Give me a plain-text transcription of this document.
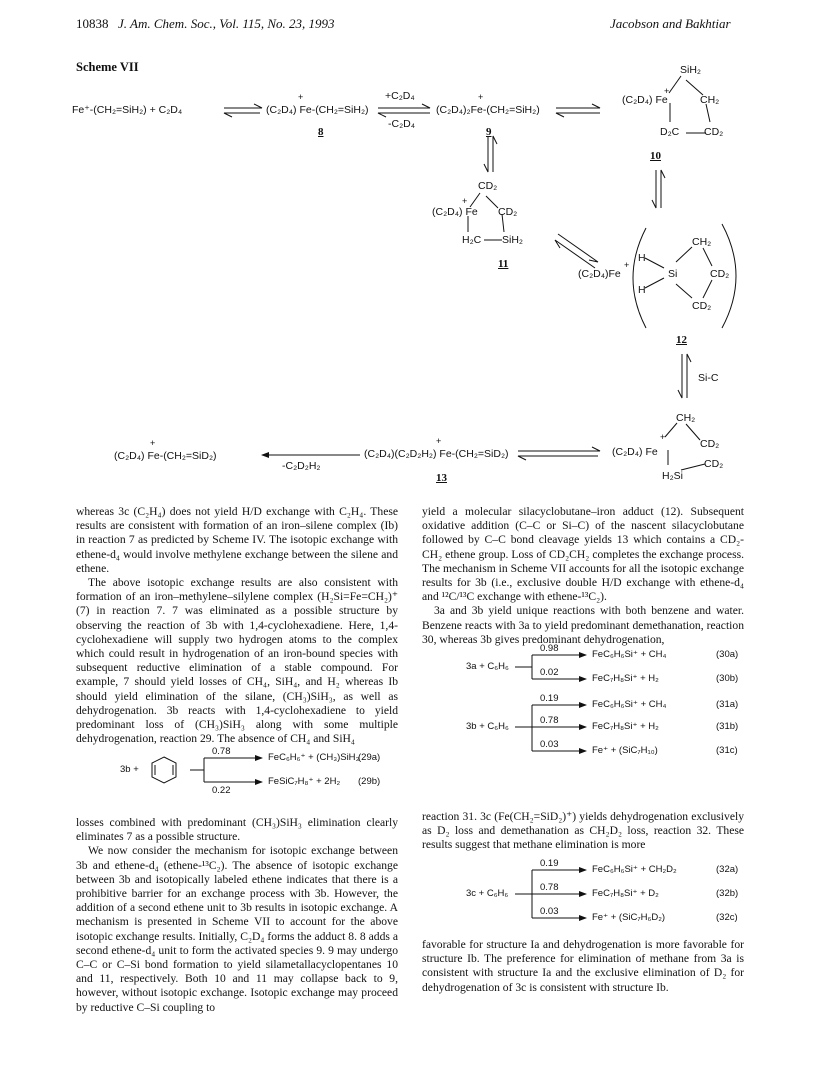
10838 J. Am. Chem. Soc., Vol. 115, No. 23, 1993	Jacobson and Bakhtiar
Scheme VII
Fe⁺-(CH₂=SiH₂) + C₂D₄
+
(C₂D₄) Fe-(CH₂=SiH₂)
8
+C₂D₄
-C₂D₄
+
(C₂D₄)₂Fe-(CH₂=SiH₂)
9
SiH₂
+
(C₂D₄) Fe	CH₂
D₂C CD₂
10
CD₂
+
(C₂D₄) Fe CD₂
H₂C SiH₂
11	+
(C₂D₄)Fe
H
H
Si
CH₂
CD₂
CD₂
12
Si-C
CH₂
+
(C₂D₄) Fe
CD₂
H₂Si
CD₂
+
(C₂D₄)(C₂D₂H₂) Fe-(CH₂=SiD₂)
13
-C₂D₂H₂
+
(C₂D₄) Fe-(CH₂=SiD₂)

whereas 3c (C₂H₄) does not yield H/D exchange with C₂H₄. These results are consistent with formation of an iron–silene complex (Ib) in reaction 7 as predicted by Scheme IV. The isotopic exchange with ethene-d₄ would involve methylene exchange between the silene and ethene.

The above isotopic exchange results are also consistent with formation of an iron–methylene–silylene complex (H₂Si=Fe=CH₂)⁺ (7) in reaction 7. 7 was eliminated as a possible structure by observing the reaction of 3b with 1,4-cyclohexadiene. Here, 1,4-cyclohexadiene will supply two hydrogen atoms to the complex which could result in hydrogenation of an iron-bound species with subsequent reductive elimination of a stable compound. For example, 7 should yield losses of CH₄, SiH₄, and H₂ whereas Ib should yield elimination of the silane, (CH₃)SiH₃, as well as dehydrogenation. 3b reacts with 1,4-cyclohexadiene to yield predominant loss of (CH₃)SiH₃ along with some multiple dehydrogenation, reaction 29. The absence of CH₄ and SiH₄

3b +
0.78
FeC₆H₆⁺ + (CH₃)SiH₃
(29a)
0.22
FeSiC₇H₈⁺ + 2H₂ (29b)

losses combined with predominant (CH₃)SiH₃ elimination clearly eliminates 7 as a possible structure.

We now consider the mechanism for isotopic exchange between 3b and ethene-d₄ (ethene-¹³C₂). The absence of isotopic exchange between 3b and isotopically labeled ethene indicates that there is a prohibitive barrier for an exchange process with 3b. However, the addition of a second ethene unit to 3b results in isotopic exchange. A mechanism is presented in Scheme VII to account for the above isotopic exchange results. Initially, C₂D₄ forms the adduct 8. 8 adds a second ethene-d₄ unit to form the activated species 9. 9 may undergo C–C or C–Si bond formation to yield silametallacyclopentanes 10 and 11, respectively. Both 10 and 11 may collapse back to 9, however, without isotopic exchange. Isotopic exchange may proceed by reductive C–Si coupling to

yield a molecular silacyclobutane–iron adduct (12). Subsequent oxidative addition (C–C or Si–C) of the nascent silacyclobutane followed by C–C bond cleavage yields 13 which contains a CD₂-CH₂ ethene group. Loss of CD₂CH₂ completes the exchange process. The mechanism in Scheme VII accounts for all the isotopic exchange results for 3b (i.e., exclusive double H/D exchange with ethene-d₄ and ¹²C/¹³C exchange with ethene-¹³C₂).

3a and 3b yield unique reactions with both benzene and water. Benzene reacts with 3a to yield predominant demethanation, reaction 30, whereas 3b gives predominant dehydrogenation,

3a + C₆H₆
0.98
FeC₆H₆Si⁺ + CH₄	(30a)
0.02
FeC₇H₈Si⁺ + H₂	(30b)
3b + C₆H₆
0.19
FeC₆H₆Si⁺ + CH₄	(31a)
0.78
FeC₇H₈Si⁺ + H₂	(31b)
0.03
Fe⁺ + (SiC₇H₁₀)	(31c)

reaction 31. 3c (Fe(CH₂=SiD₂)⁺) yields dehydrogenation exclusively as D₂ loss and demethanation as CH₂D₂ loss, reaction 32. These results suggest that methane elimination is more

3c + C₆H₆
0.19
FeC₆H₆Si⁺ + CH₂D₂	(32a)
0.78
FeC₇H₈Si⁺ + D₂	(32b)
0.03
Fe⁺ + (SiC₇H₆D₂)	(32c)

favorable for structure Ia and dehydrogenation is more favorable for structure Ib. The preference for elimination of methane from 3a is consistent with structure Ia and the exclusive elimination of D₂ for dehydrogenation of 3c is consistent with structure Ib.
